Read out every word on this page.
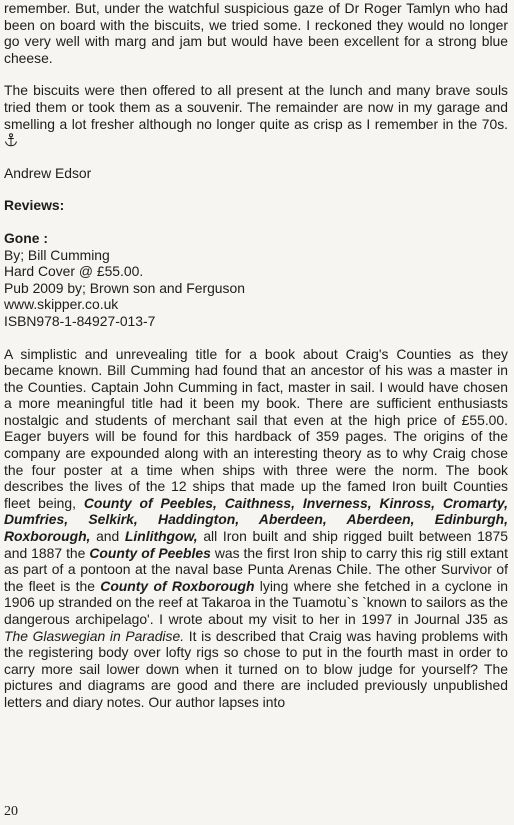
remember. But, under the watchful suspicious gaze of Dr Roger Tamlyn who had been on board with the biscuits, we tried some. I reckoned they would no longer go very well with marg and jam but would have been excellent for a strong blue cheese.

The biscuits were then offered to all present at the lunch and many brave souls tried them or took them as a souvenir. The remainder are now in my garage and smelling a lot fresher although no longer quite as crisp as I remember in the 70s.

Andrew Edsor

Reviews:

Gone :

By; Bill Cumming

Hard Cover @ £55.00.

Pub 2009 by; Brown son and Ferguson

www.skipper.co.uk

ISBN978-1-84927-013-7

A simplistic and unrevealing title for a book about Craig's Counties as they became known. Bill Cumming had found that an ancestor of his was a master in the Counties. Captain John Cumming in fact, master in sail. I would have chosen a more meaningful title had it been my book. There are sufficient enthusiasts nostalgic and students of merchant sail that even at the high price of £55.00. Eager buyers will be found for this hardback of 359 pages. The origins of the company are expounded along with an interesting theory as to why Craig chose the four poster at a time when ships with three were the norm. The book describes the lives of the 12 ships that made up the famed Iron built Counties fleet being, County of Peebles, Caithness, Inverness, Kinross, Cromarty, Dumfries, Selkirk, Haddington, Aberdeen, Aberdeen, Edinburgh, Roxborough, and Linlithgow, all Iron built and ship rigged built between 1875 and 1887 the County of Peebles was the first Iron ship to carry this rig still extant as part of a pontoon at the naval base Punta Arenas Chile. The other Survivor of the fleet is the County of Roxborough lying where she fetched in a cyclone in 1906 up stranded on the reef at Takaroa in the Tuamotu`s `known to sailors as the dangerous archipelago'. I wrote about my visit to her in 1997 in Journal J35 as The Glaswegian in Paradise. It is described that Craig was having problems with the registering body over lofty rigs so chose to put in the fourth mast in order to carry more sail lower down when it turned on to blow judge for yourself? The pictures and diagrams are good and there are included previously unpublished letters and diary notes. Our author lapses into

20
